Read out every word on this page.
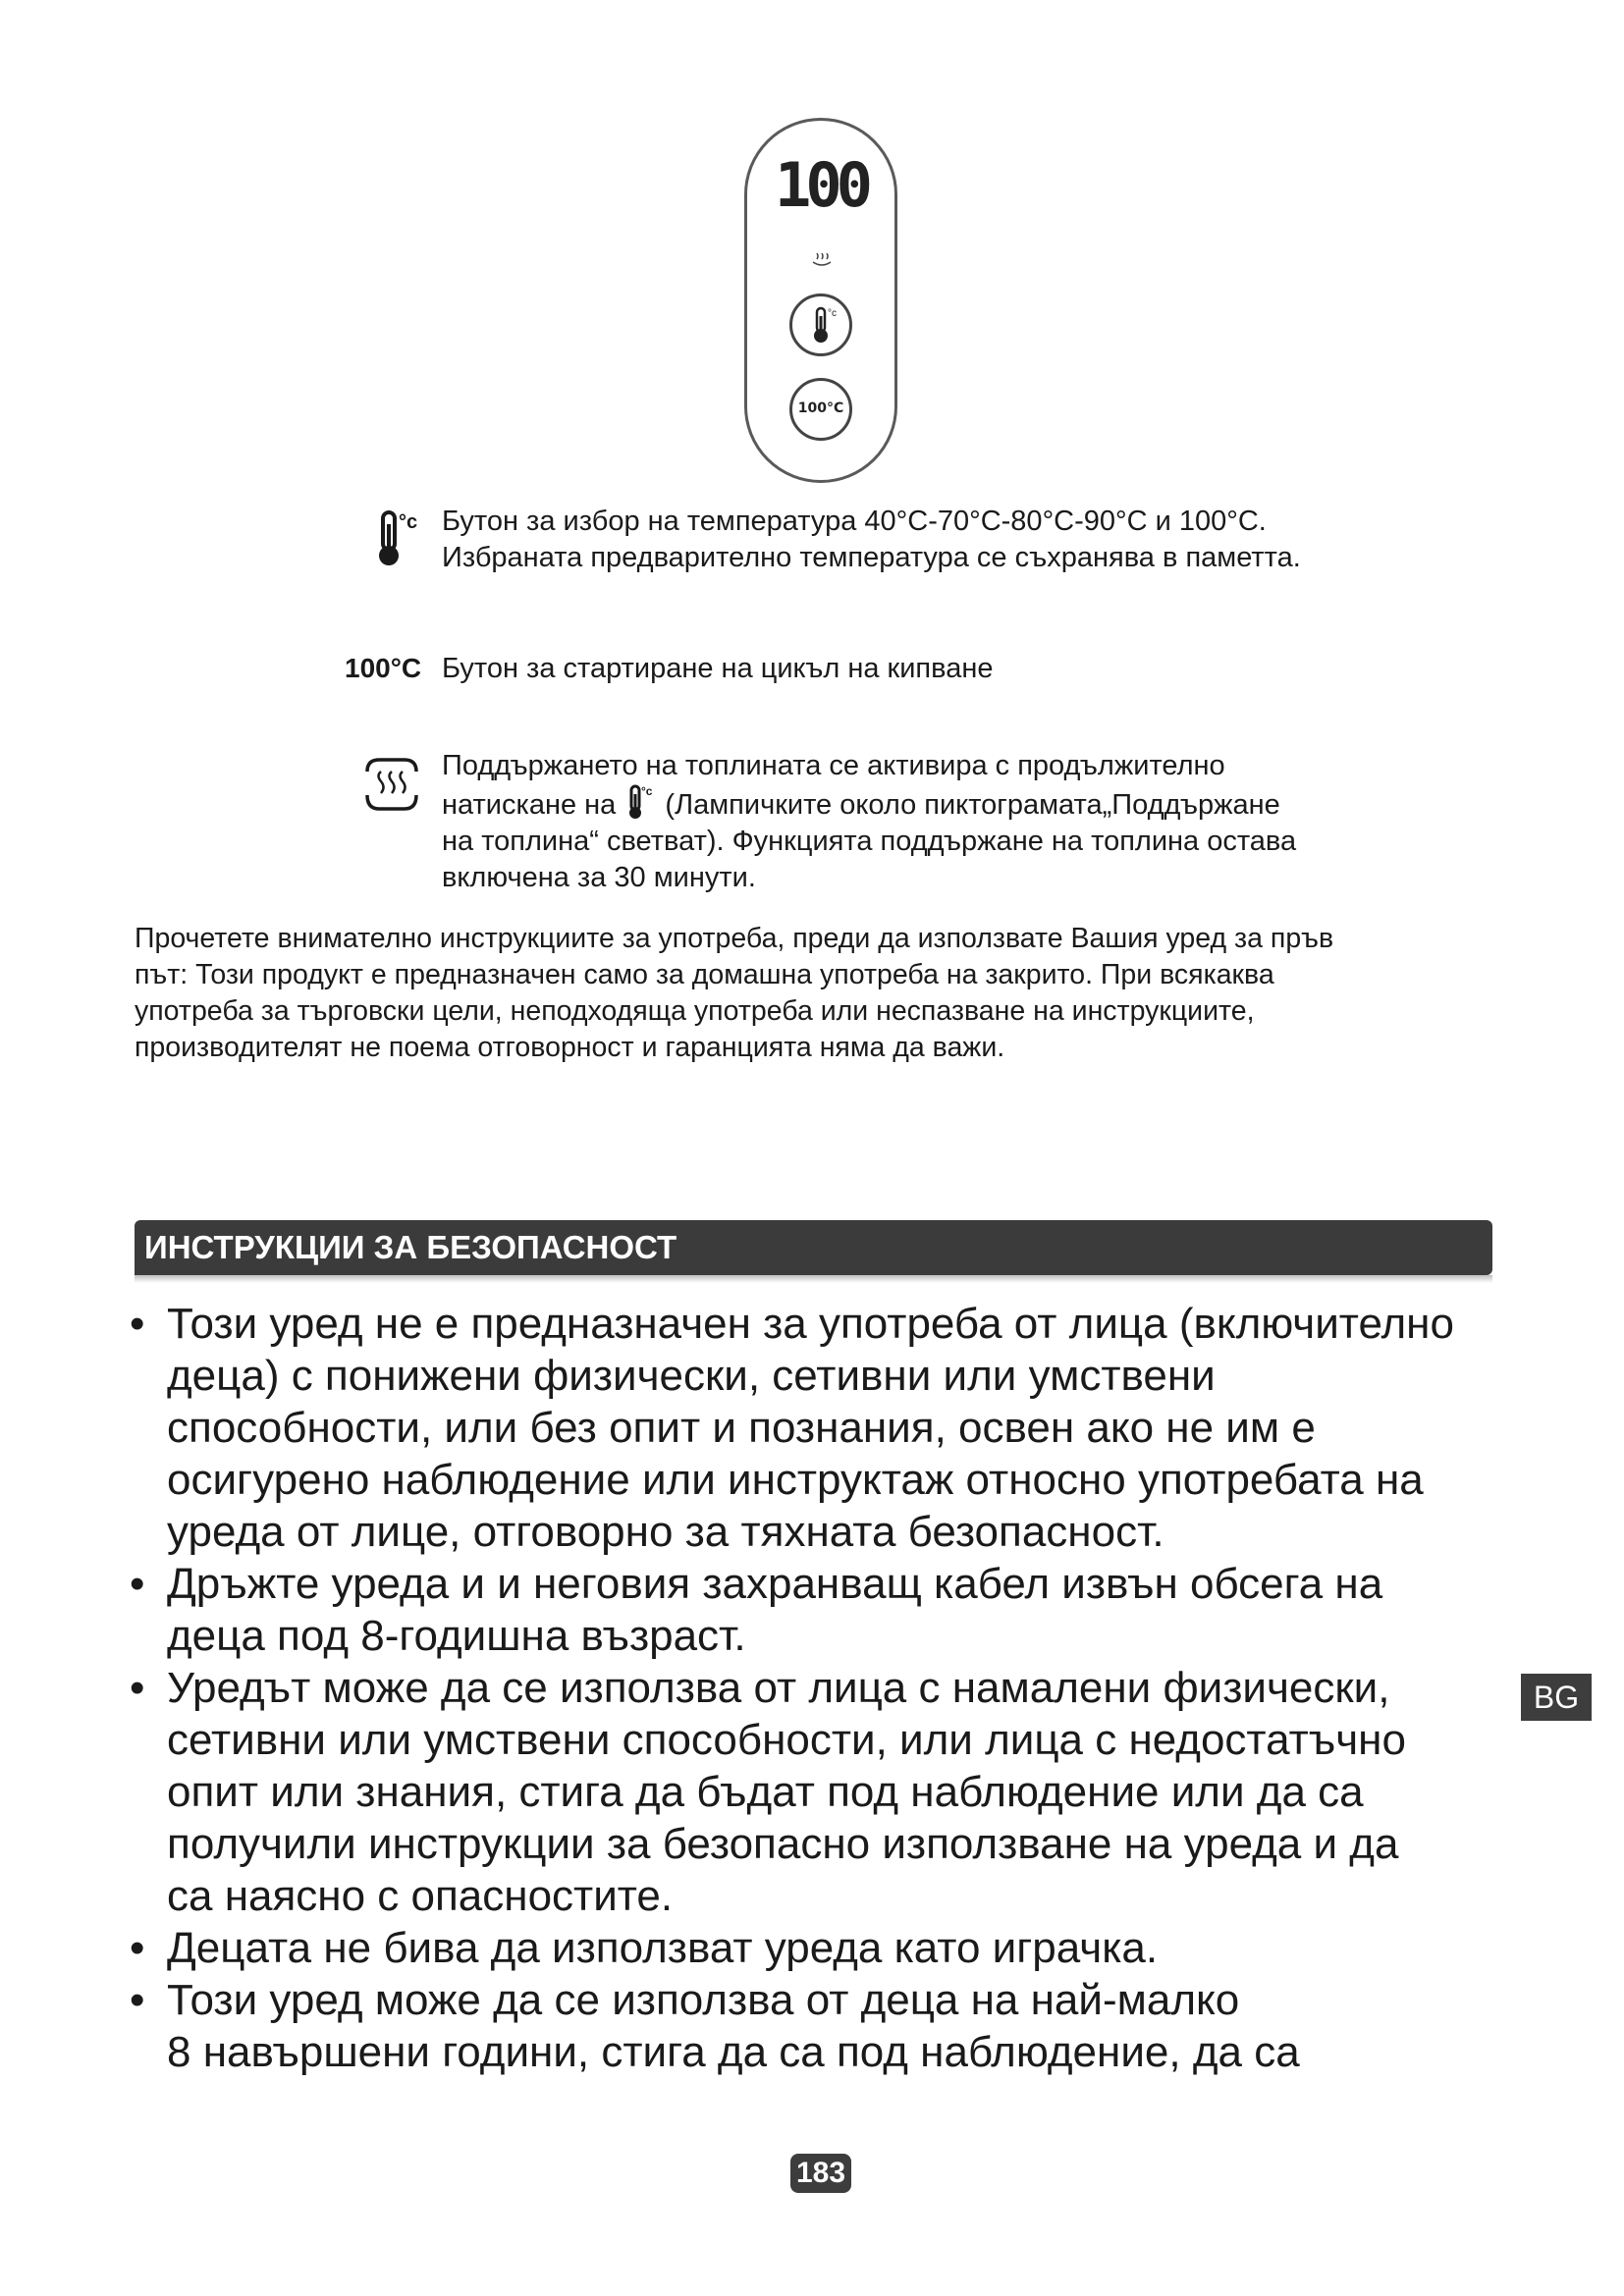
100
°c
100°C
°c Бутон за избор на температура 40°C-70°C-80°C-90°C и 100°C.
Избраната предварително температура се съхранява в паметта.
100°C Бутон за стартиране на цикъл на кипване
Поддържането на топлината се активира с продължително
натискане на °c (Лампичките около пиктограмата„Поддържане
на топлина“ светват). Функцията поддържане на топлина остава
включена за 30 минути.
Прочетете внимателно инструкциите за употреба, преди да използвате Вашия уред за пръв
път: Този продукт е предназначен само за домашна употреба на закрито. При всякаква
употреба за търговски цели, неподходяща употреба или неспазване на инструкциите,
производителят не поема отговорност и гаранцията няма да важи.
ИНСТРУКЦИИ ЗА БЕЗОПАСНОСТ
• Този уред не е предназначен за употреба от лица (включително
деца) с понижени физически, сетивни или умствени
способности, или без опит и познания, освен ако не им е
осигурено наблюдение или инструктаж относно употребата на
уреда от лице, отговорно за тяхната безопасност.
• Дръжте уреда и и неговия захранващ кабел извън обсега на
деца под 8-годишна възраст.
• Уредът може да се използва от лица с намалени физически,
сетивни или умствени способности, или лица с недостатъчно
опит или знания, стига да бъдат под наблюдение или да са
получили инструкции за безопасно използване на уреда и да
са наясно с опасностите.
• Децата не бива да използват уреда като играчка.
• Този уред може да се използва от деца на най-малко
8 навършени години, стига да са под наблюдение, да са
BG
183
